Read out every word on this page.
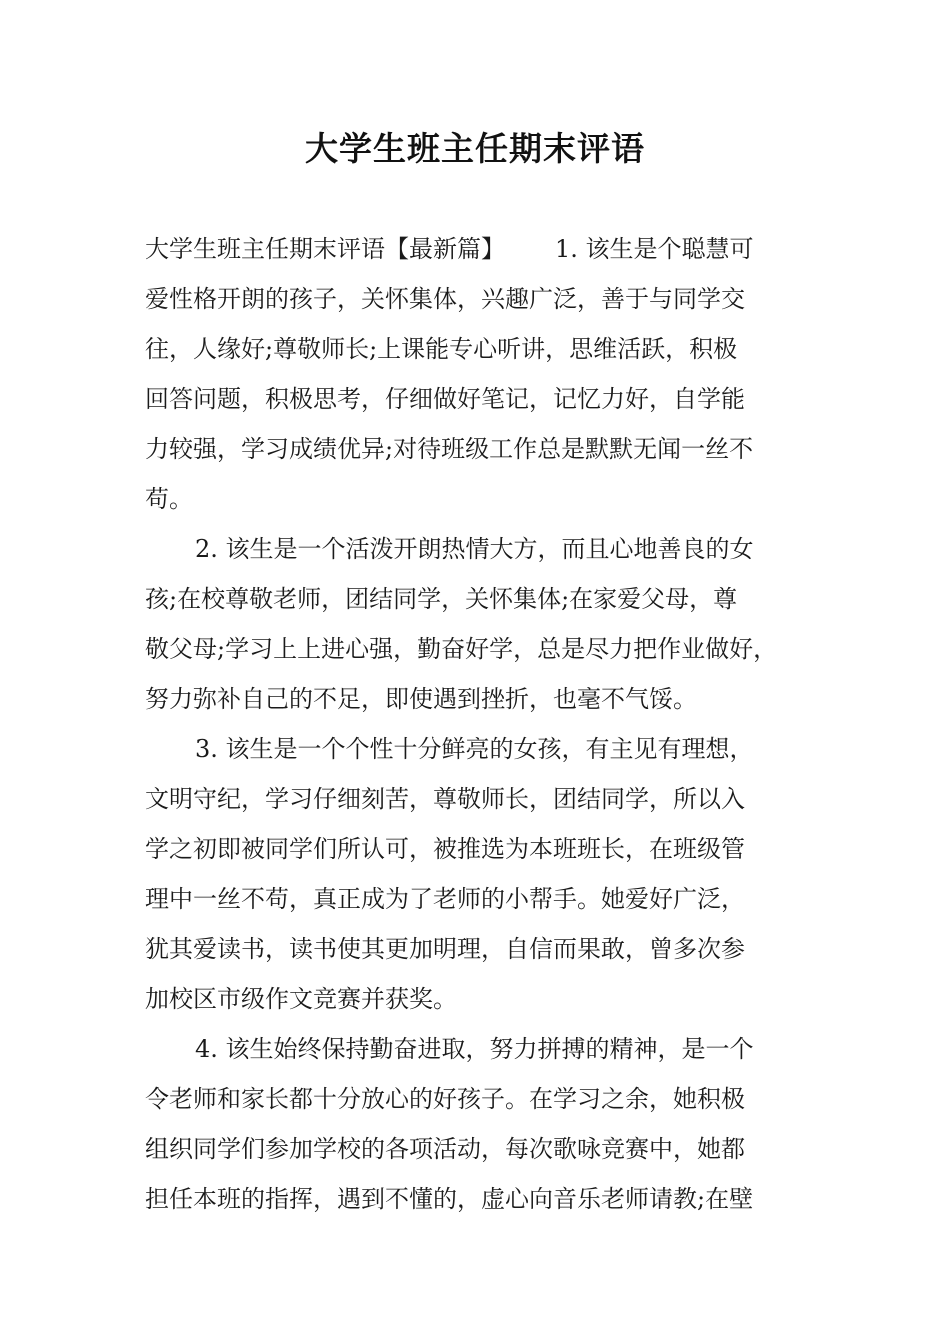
大学生班主任期末评语
大学生班主任期末评语【最新篇】 1. 该生是个聪慧可
爱性格开朗的孩子，关怀集体，兴趣广泛，善于与同学交
往，人缘好;尊敬师长;上课能专心听讲，思维活跃，积极
回答问题，积极思考，仔细做好笔记，记忆力好，自学能
力较强，学习成绩优异;对待班级工作总是默默无闻一丝不
苟。
2. 该生是一个活泼开朗热情大方，而且心地善良的女
孩;在校尊敬老师，团结同学，关怀集体;在家爱父母，尊
敬父母;学习上上进心强，勤奋好学，总是尽力把作业做好，
努力弥补自己的不足，即使遇到挫折，也毫不气馁。
3. 该生是一个个性十分鲜亮的女孩，有主见有理想，
文明守纪，学习仔细刻苦，尊敬师长，团结同学，所以入
学之初即被同学们所认可，被推选为本班班长，在班级管
理中一丝不苟，真正成为了老师的小帮手。她爱好广泛，
犹其爱读书，读书使其更加明理，自信而果敢，曾多次参
加校区市级作文竞赛并获奖。
4. 该生始终保持勤奋进取，努力拼搏的精神，是一个
令老师和家长都十分放心的好孩子。在学习之余，她积极
组织同学们参加学校的各项活动，每次歌咏竞赛中，她都
担任本班的指挥，遇到不懂的，虚心向音乐老师请教;在壁
